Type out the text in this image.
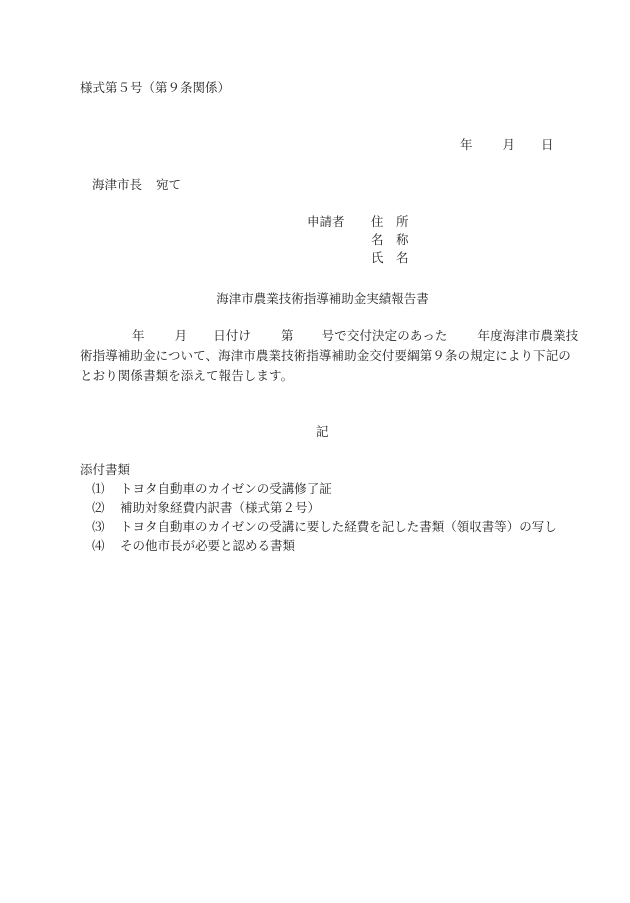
様式第５号（第９条関係）
年 月 日
海津市長 宛て
申請者 住　所
名　称
氏　名
海津市農業技術指導補助金実績報告書
年 月 日付け 第 号で交付決定のあった 年度海津市農業技術指導補助金について、海津市農業技術指導補助金交付要綱第９条の規定により下記のとおり関係書類を添えて報告します。
記
添付書類
⑴ トヨタ自動車のカイゼンの受講修了証
⑵ 補助対象経費内訳書（様式第２号）
⑶ トヨタ自動車のカイゼンの受講に要した経費を記した書類（領収書等）の写し
⑷ その他市長が必要と認める書類
